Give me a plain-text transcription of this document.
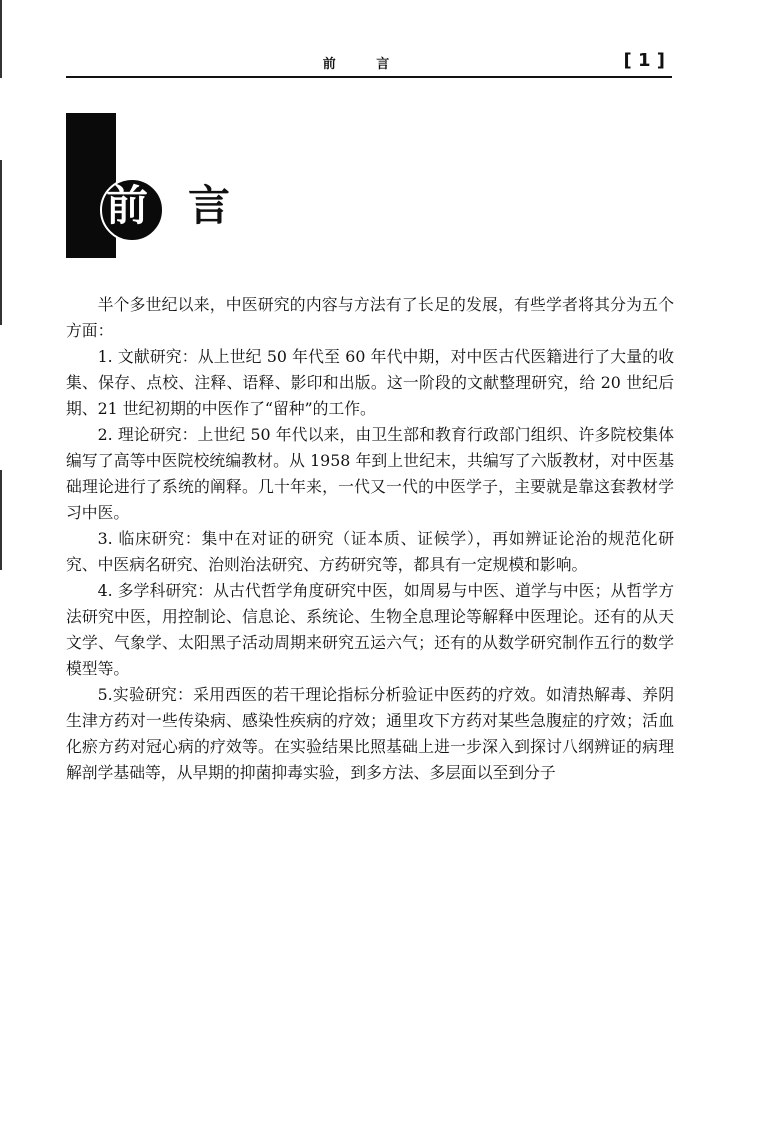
前 言	[ 1 ]
前言

半个多世纪以来，中医研究的内容与方法有了长足的发展，有些学者将其分为五个方面：

1. 文献研究：从上世纪 50 年代至 60 年代中期，对中医古代医籍进行了大量的收集、保存、点校、注释、语释、影印和出版。这一阶段的文献整理研究，给 20 世纪后期、21 世纪初期的中医作了“留种”的工作。

2. 理论研究：上世纪 50 年代以来，由卫生部和教育行政部门组织、许多院校集体编写了高等中医院校统编教材。从 1958 年到上世纪末，共编写了六版教材，对中医基础理论进行了系统的阐释。几十年来，一代又一代的中医学子，主要就是靠这套教材学习中医。

3. 临床研究：集中在对证的研究（证本质、证候学），再如辨证论治的规范化研究、中医病名研究、治则治法研究、方药研究等，都具有一定规模和影响。

4. 多学科研究：从古代哲学角度研究中医，如周易与中医、道学与中医；从哲学方法研究中医，用控制论、信息论、系统论、生物全息理论等解释中医理论。还有的从天文学、气象学、太阳黑子活动周期来研究五运六气；还有的从数学研究制作五行的数学模型等。

5.实验研究：采用西医的若干理论指标分析验证中医药的疗效。如清热解毒、养阴生津方药对一些传染病、感染性疾病的疗效；通里攻下方药对某些急腹症的疗效；活血化瘀方药对冠心病的疗效等。在实验结果比照基础上进一步深入到探讨八纲辨证的病理解剖学基础等，从早期的抑菌抑毒实验，到多方法、多层面以至到分子
